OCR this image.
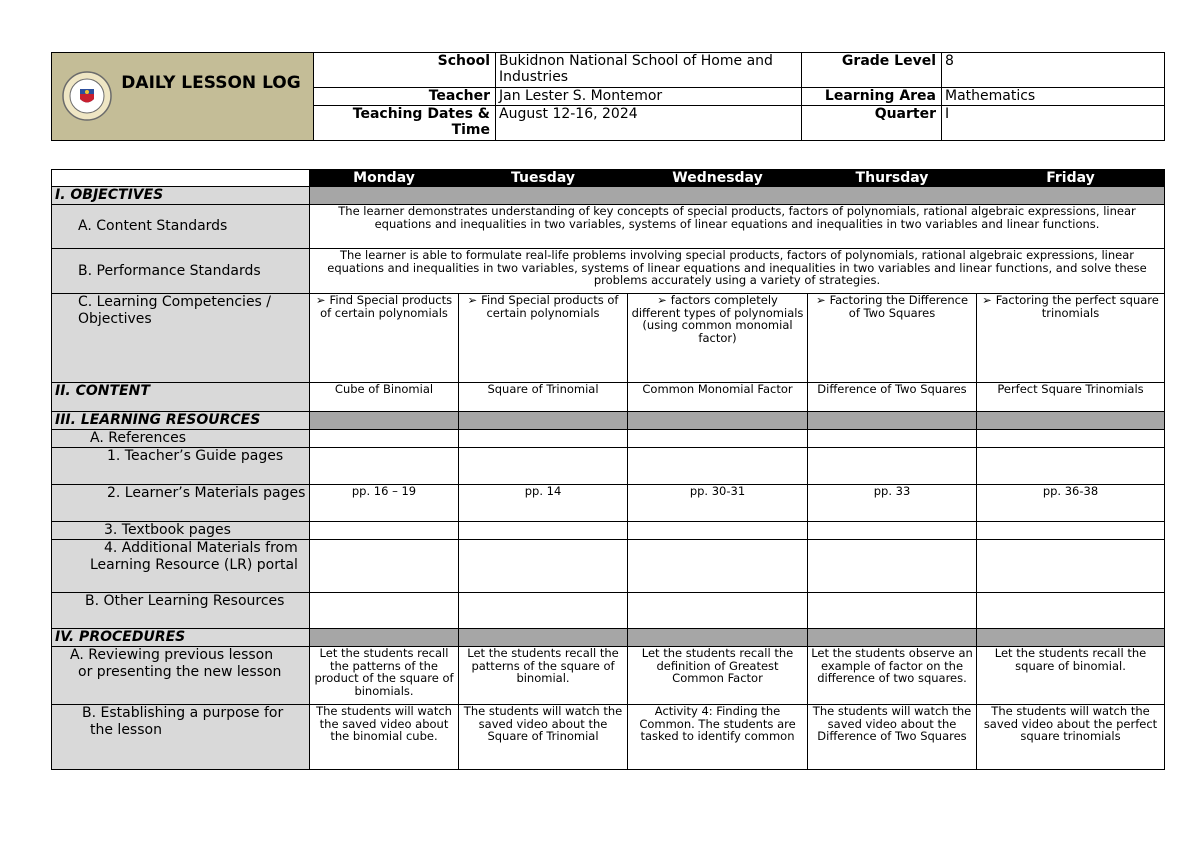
DAILY LESSON LOG	School	Bukidnon National School of Home and Industries	Grade Level	8
	Teacher	Jan Lester S. Montemor	Learning Area	Mathematics
	Teaching Dates & Time	August 12-16, 2024	Quarter	I
	Monday	Tuesday	Wednesday	Thursday	Friday
I. OBJECTIVES					
A. Content Standards	The learner demonstrates understanding of key concepts of special products, factors of polynomials, rational algebraic expressions, linear equations and inequalities in two variables, systems of linear equations and inequalities in two variables and linear functions.				
B. Performance Standards	The learner is able to formulate real-life problems involving special products, factors of polynomials, rational algebraic expressions, linear equations and inequalities in two variables, systems of linear equations and inequalities in two variables and linear functions, and solve these problems accurately using a variety of strategies.				
C. Learning Competencies / Objectives	➢ Find Special products of certain polynomials	➢ Find Special products of certain polynomials	➢ factors completely different types of polynomials (using common monomial factor)	➢ Factoring the Difference of Two Squares	➢ Factoring the perfect square trinomials
II. CONTENT	Cube of Binomial	Square of Trinomial	Common Monomial Factor	Difference of Two Squares	Perfect Square Trinomials
III. LEARNING RESOURCES					
A. References					
1. Teacher’s Guide pages					
2. Learner’s Materials pages	pp. 16 – 19	pp. 14	pp. 30-31	pp. 33	pp. 36-38
3. Textbook pages					
4. Additional Materials from Learning Resource (LR) portal					
B. Other Learning Resources					
IV. PROCEDURES					
A. Reviewing previous lesson or presenting the new lesson	Let the students recall the patterns of the product of the square of binomials.	Let the students recall the patterns of the square of binomial.	Let the students recall the definition of Greatest Common Factor	Let the students observe an example of factor on the difference of two squares.	Let the students recall the square of binomial.
B. Establishing a purpose for the lesson	The students will watch the saved video about the binomial cube.	The students will watch the saved video about the Square of Trinomial	Activity 4: Finding the Common. The students are tasked to identify common	The students will watch the saved video about the Difference of Two Squares	The students will watch the saved video about the perfect square trinomials
